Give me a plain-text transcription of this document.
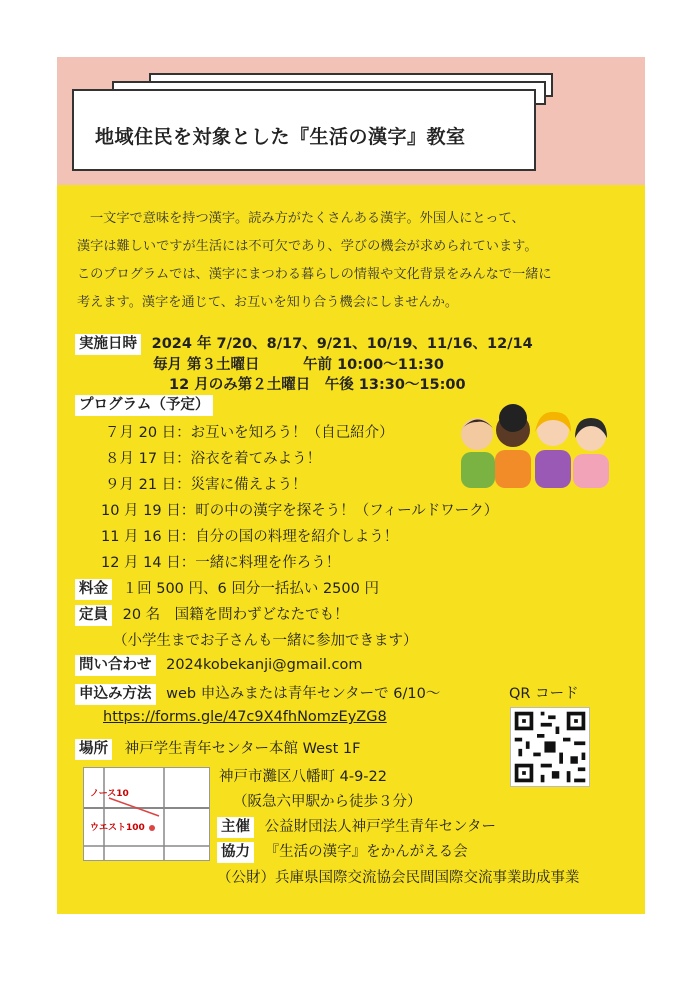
地域住民を対象とした『生活の漢字』教室

一文字で意味を持つ漢字。読み方がたくさんある漢字。外国人にとって、

漢字は難しいですが生活には不可欠であり、学びの機会が求められています。

このプログラムでは、漢字にまつわる暮らしの情報や文化背景をみんなで一緒に

考えます。漢字を通じて、お互いを知り合う機会にしませんか。

実施日時 2024 年 7/20、8/17、9/21、10/19、11/16、12/14
毎月 第３土曜日　　　午前 10:00～11:30
12 月のみ第２土曜日　午後 13:30～15:00
プログラム（予定）
７月 20 日：お互いを知ろう！（自己紹介）
８月 17 日：浴衣を着てみよう！
９月 21 日：災害に備えよう！
10 月 19 日：町の中の漢字を探そう！（フィールドワーク）
11 月 16 日：自分の国の料理を紹介しよう！
12 月 14 日：一緒に料理を作ろう！
料金 １回 500 円、6 回分一括払い 2500 円
定員 20 名　国籍を問わずどなたでも！
（小学生までお子さんも一緒に参加できます）
問い合わせ 2024kobekanji@gmail.com
申込み方法 web 申込みまたは青年センターで 6/10～	QR コード
https://forms.gle/47c9X4fhNomzEyZG8
場所 神戸学生青年センター本館 West 1F
ノース10
ウエスト100
神戸市灘区八幡町 4-9-22
（阪急六甲駅から徒歩３分）
主催 公益財団法人神戸学生青年センター
協力 『生活の漢字』をかんがえる会
（公財）兵庫県国際交流協会民間国際交流事業助成事業
